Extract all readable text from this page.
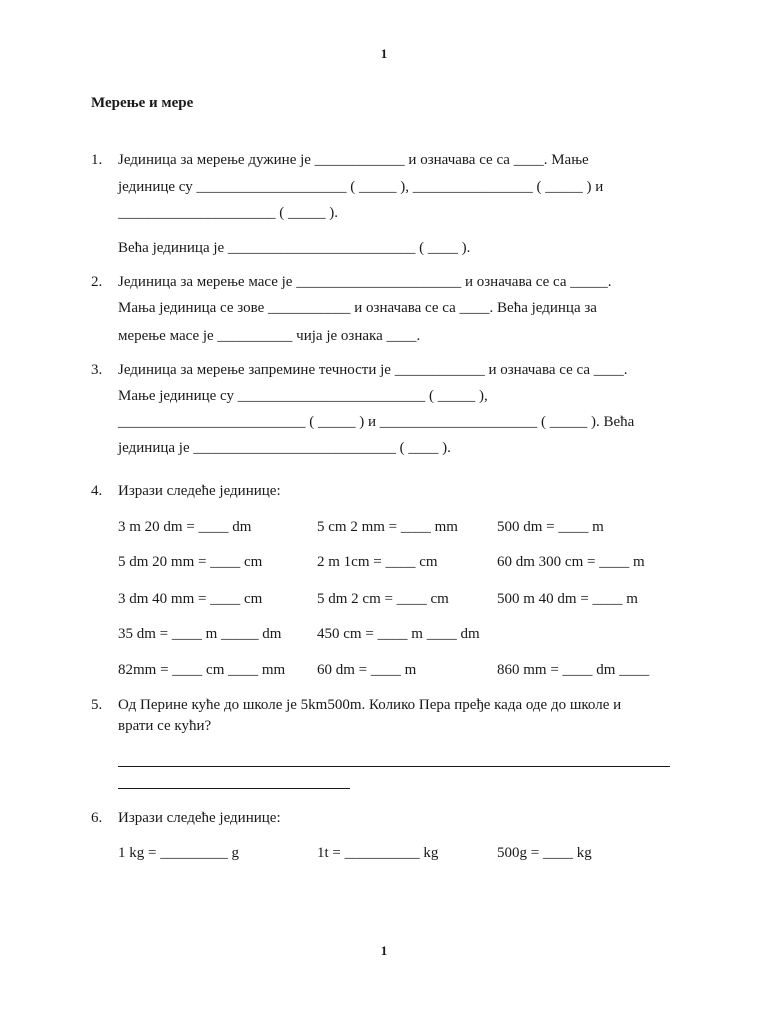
1
Мерење и мере
1. Јединица за мерење дужине је ____________ и означава се са ____. Мање
јединице су ____________________ ( _____ ), ________________ ( _____ ) и
_____________________ ( _____ ).
Већа јединица је _________________________ ( ____ ).
2. Јединица за мерење масе је ______________________ и означава се са _____.
Мања јединица се зове ___________ и означава се са ____. Већа јединца за
мерење масе је __________ чија је ознака ____.
3. Јединица за мерење запремине течности је ____________ и означава се са ____.
Мање јединице су _________________________ ( _____ ),
_________________________ ( _____ ) и _____________________ ( _____ ). Већа
јединица је ___________________________ ( ____ ).
4. Изрази следеће јединице:
3 m 20 dm = ____ dm	5 cm 2 mm = ____ mm	500 dm = ____ m
5 dm 20 mm = ____ cm	2 m 1cm = ____ cm	60 dm 300 cm = ____ m
3 dm 40 mm = ____ cm	5 dm 2 cm = ____ cm	500 m 40 dm = ____ m
35 dm = ____ m _____ dm 450 cm = ____ m ____ dm
82mm = ____ cm ____ mm 60 dm = ____ m	860 mm = ____ dm ____
5. Од Перине куће до школе је 5km500m. Колико Пера пређе када оде до школе и
врати се кући?
6. Изрази следеће јединице:
1 kg = _________ g	1t = __________ kg	500g = ____ kg
1
